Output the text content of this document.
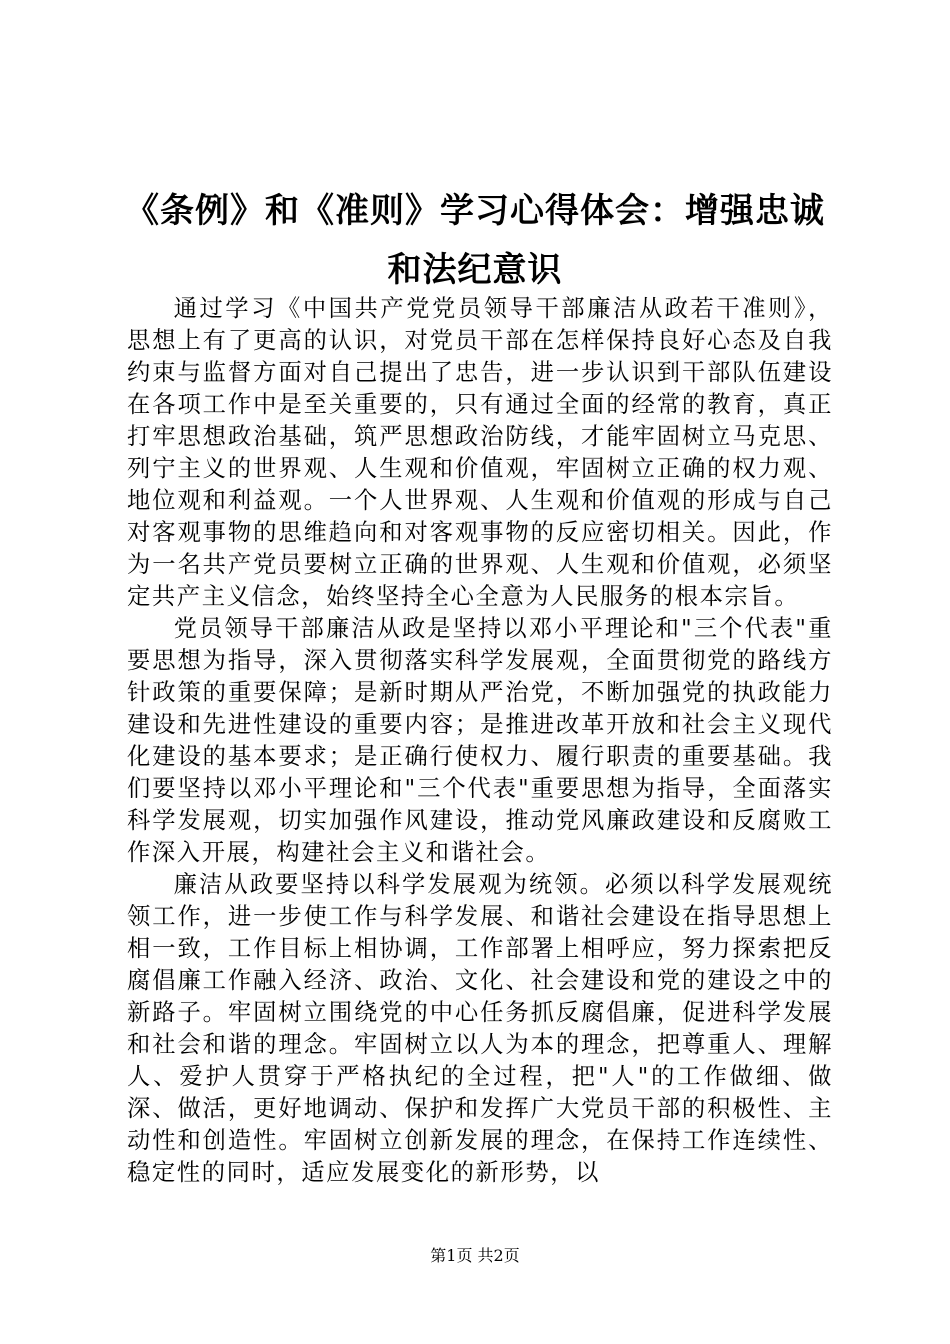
《条例》和《准则》学习心得体会：增强忠诚和法纪意识

通过学习《中国共产党党员领导干部廉洁从政若干准则》，思想上有了更高的认识，对党员干部在怎样保持良好心态及自我约束与监督方面对自己提出了忠告，进一步认识到干部队伍建设在各项工作中是至关重要的，只有通过全面的经常的教育，真正打牢思想政治基础，筑严思想政治防线，才能牢固树立马克思、列宁主义的世界观、人生观和价值观，牢固树立正确的权力观、地位观和利益观。一个人世界观、人生观和价值观的形成与自己对客观事物的思维趋向和对客观事物的反应密切相关。因此，作为一名共产党员要树立正确的世界观、人生观和价值观，必须坚定共产主义信念，始终坚持全心全意为人民服务的根本宗旨。

党员领导干部廉洁从政是坚持以邓小平理论和"三个代表"重要思想为指导，深入贯彻落实科学发展观，全面贯彻党的路线方针政策的重要保障；是新时期从严治党，不断加强党的执政能力建设和先进性建设的重要内容；是推进改革开放和社会主义现代化建设的基本要求；是正确行使权力、履行职责的重要基础。我们要坚持以邓小平理论和"三个代表"重要思想为指导，全面落实科学发展观，切实加强作风建设，推动党风廉政建设和反腐败工作深入开展，构建社会主义和谐社会。

廉洁从政要坚持以科学发展观为统领。必须以科学发展观统领工作，进一步使工作与科学发展、和谐社会建设在指导思想上相一致，工作目标上相协调，工作部署上相呼应，努力探索把反腐倡廉工作融入经济、政治、文化、社会建设和党的建设之中的新路子。牢固树立围绕党的中心任务抓反腐倡廉，促进科学发展和社会和谐的理念。牢固树立以人为本的理念，把尊重人、理解人、爱护人贯穿于严格执纪的全过程，把"人"的工作做细、做深、做活，更好地调动、保护和发挥广大党员干部的积极性、主动性和创造性。牢固树立创新发展的理念，在保持工作连续性、稳定性的同时，适应发展变化的新形势，以

第1页 共2页
